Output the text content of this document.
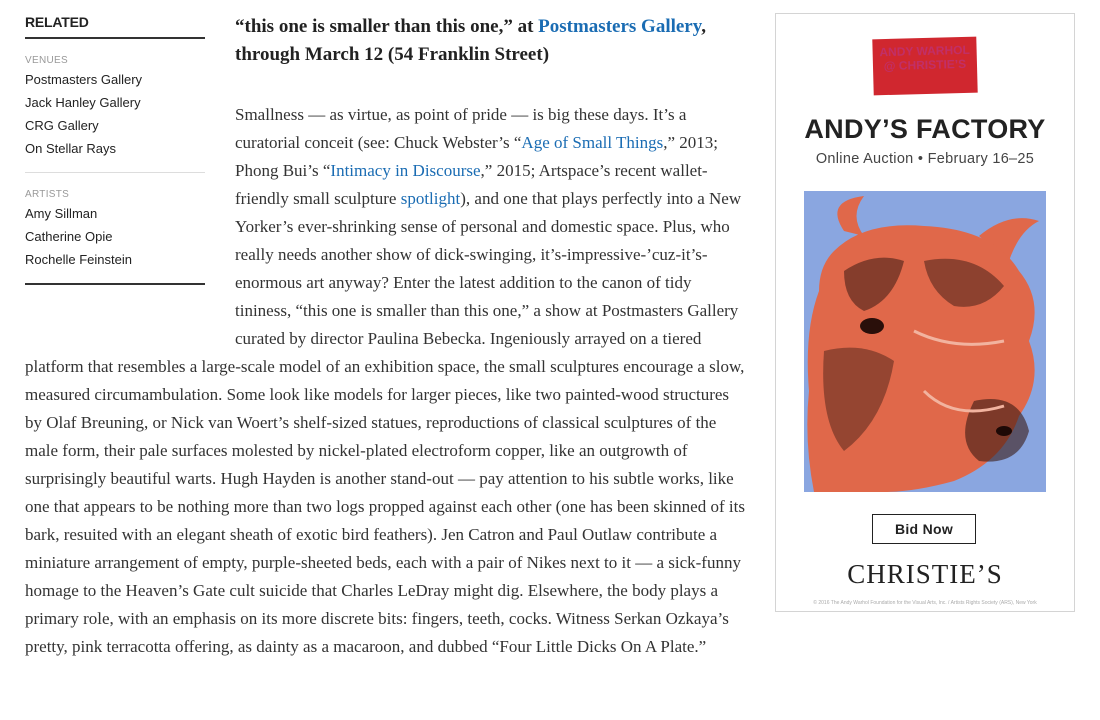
RELATED
VENUES
Postmasters Gallery
Jack Hanley Gallery
CRG Gallery
On Stellar Rays
ARTISTS
Amy Sillman
Catherine Opie
Rochelle Feinstein
“this one is smaller than this one,” at Postmasters Gallery, through March 12 (54 Franklin Street)

Smallness — as virtue, as point of pride — is big these days. It’s a curatorial conceit (see: Chuck Webster’s “Age of Small Things,” 2013; Phong Bui’s “Intimacy in Discourse,” 2015; Artspace’s recent wallet-friendly small sculpture spotlight), and one that plays perfectly into a New Yorker’s ever-shrinking sense of personal and domestic space. Plus, who really needs another show of dick-swinging, it’s-impressive-’cuz-it’s-enormous art anyway? Enter the latest addition to the canon of tidy tininess, “this one is smaller than this one,” a show at Postmasters Gallery curated by director Paulina Bebecka. Ingeniously arrayed on a tiered platform that resembles a large-scale model of an exhibition space, the small sculptures encourage a slow, measured circumambulation. Some look like models for larger pieces, like two painted-wood structures by Olaf Breuning, or Nick van Woert’s shelf-sized statues, reproductions of classical sculptures of the male form, their pale surfaces molested by nickel-plated electroform copper, like an outgrowth of surprisingly beautiful warts. Hugh Hayden is another stand-out — pay attention to his subtle works, like one that appears to be nothing more than two logs propped against each other (one has been skinned of its bark, resuited with an elegant sheath of exotic bird feathers). Jen Catron and Paul Outlaw contribute a miniature arrangement of empty, purple-sheeted beds, each with a pair of Nikes next to it — a sick-funny homage to the Heaven’s Gate cult suicide that Charles LeDray might dig. Elsewhere, the body plays a primary role, with an emphasis on its more discrete bits: fingers, teeth, cocks. Witness Serkan Ozkaya’s pretty, pink terracotta offering, as dainty as a macaroon, and dubbed “Four Little Dicks On A Plate.”

ANDY WARHOL
@ CHRISTIE’S
ANDY’S FACTORY
Online Auction • February 16–25
Bid Now
CHRISTIE’S
© 2016 The Andy Warhol Foundation for the Visual Arts, Inc. / Artists Rights Society (ARS), New York
